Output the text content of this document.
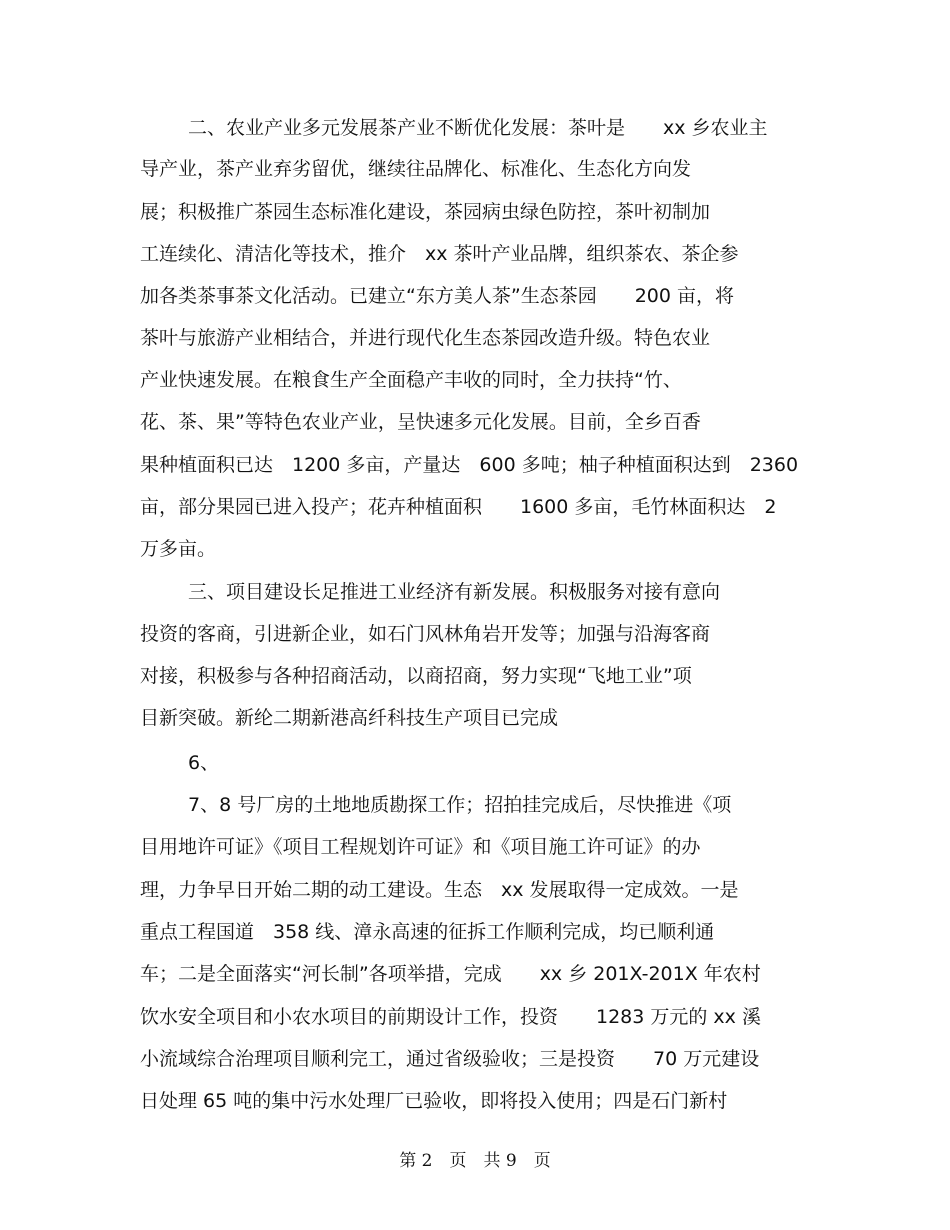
二、农业产业多元发展茶产业不断优化发展：茶叶是　　xx 乡农业主
导产业，茶产业弃劣留优，继续往品牌化、标准化、生态化方向发
展；积极推广茶园生态标准化建设，茶园病虫绿色防控，茶叶初制加
工连续化、清洁化等技术，推介　xx 茶叶产业品牌，组织茶农、茶企参
加各类茶事茶文化活动。已建立“东方美人茶”生态茶园　　200 亩，将
茶叶与旅游产业相结合，并进行现代化生态茶园改造升级。特色农业
产业快速发展。在粮食生产全面稳产丰收的同时，全力扶持“竹、
花、茶、果”等特色农业产业，呈快速多元化发展。目前，全乡百香
果种植面积已达　1200 多亩，产量达　600 多吨；柚子种植面积达到　2360
亩，部分果园已进入投产；花卉种植面积　　1600 多亩，毛竹林面积达　2
万多亩。
三、项目建设长足推进工业经济有新发展。积极服务对接有意向
投资的客商，引进新企业，如石门风林角岩开发等；加强与沿海客商
对接，积极参与各种招商活动，以商招商，努力实现“飞地工业”项
目新突破。新纶二期新港高纤科技生产项目已完成
6、
7、8 号厂房的土地地质勘探工作；招拍挂完成后，尽快推进《项
目用地许可证》《项目工程规划许可证》和《项目施工许可证》的办
理，力争早日开始二期的动工建设。生态　xx 发展取得一定成效。一是
重点工程国道　358 线、漳永高速的征拆工作顺利完成，均已顺利通
车；二是全面落实“河长制”各项举措，完成　　xx 乡 201X-201X 年农村
饮水安全项目和小农水项目的前期设计工作，投资　　1283 万元的 xx 溪
小流域综合治理项目顺利完工，通过省级验收；三是投资　　70 万元建设
日处理 65 吨的集中污水处理厂已验收，即将投入使用；四是石门新村
第 2　页　共 9　页
